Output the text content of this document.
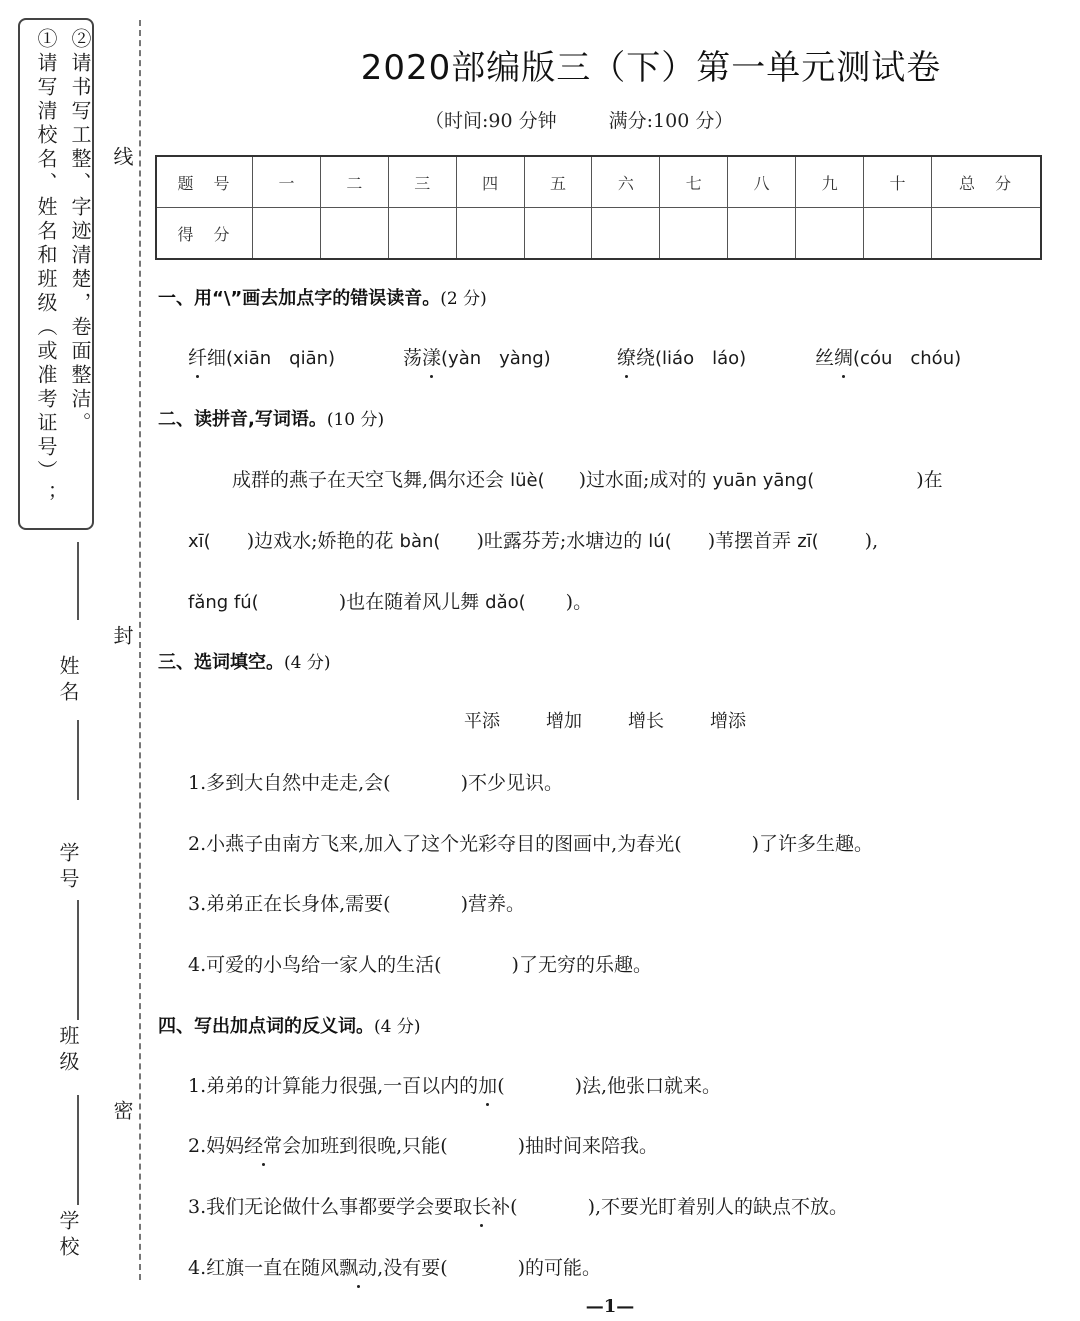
①请写清校名、姓名和班级（或准考证号）； ②请书写工整、字迹清楚，卷面整洁。 线
封
密
姓名
学号
班级
学校
2020部编版三（下）第一单元测试卷
（时间:90 分钟	满分:100 分）
题号	一	二	三	四	五	六	七	八	九	十	总分
得分											
一、用“\”画去加点字的错误读音。(2 分)
纤细(xiān　qiān)	荡漾(yàn　yàng)	缭绕(liáo　láo)	丝绸(cóu　chóu)
二、读拼音,写词语。(10 分)
成群的燕子在天空飞舞,偶尔还会 lüè( )过水面;成对的 yuān yāng(	)在
xī( )边戏水;娇艳的花 bàn( )吐露芬芳;水塘边的 lú( )苇摆首弄 zī( ),
fǎng fú(	)也在随着风儿舞 dǎo( )。
三、选词填空。(4 分)
平添	增加	增长	增添
1.多到大自然中走走,会(	)不少见识。
2.小燕子由南方飞来,加入了这个光彩夺目的图画中,为春光(	)了许多生趣。
3.弟弟正在长身体,需要(	)营养。
4.可爱的小鸟给一家人的生活(	)了无穷的乐趣。
四、写出加点词的反义词。(4 分)
1.弟弟的计算能力很强,一百以内的加(	)法,他张口就来。
2.妈妈经常会加班到很晚,只能(	)抽时间来陪我。
3.我们无论做什么事都要学会要取长补(	),不要光盯着别人的缺点不放。
4.红旗一直在随风飘动,没有要(	)的可能。
—1—
